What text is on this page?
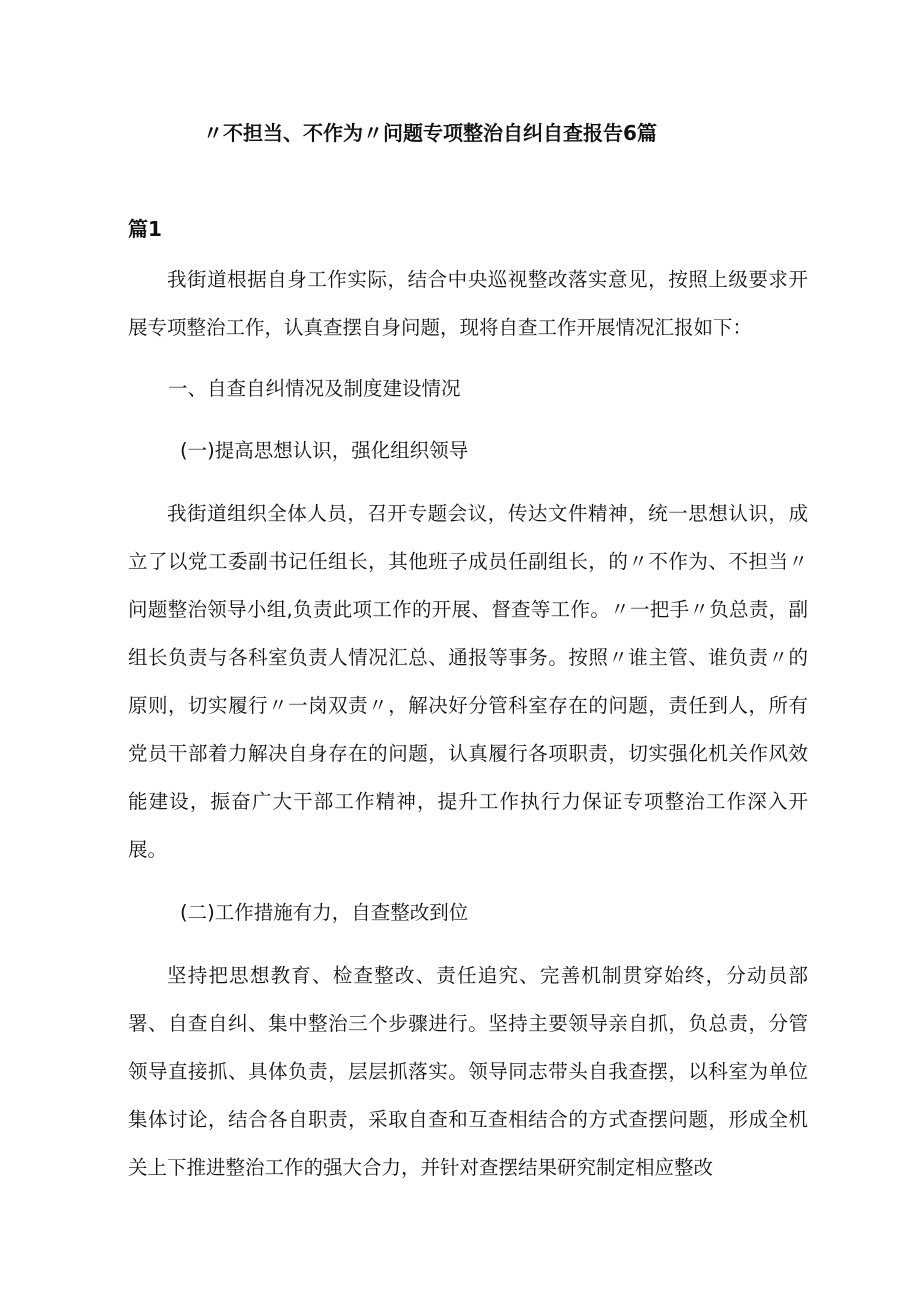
〃不担当、不作为〃问题专项整治自纠自查报告6篇
篇1

我街道根据自身工作实际，结合中央巡视整改落实意见，按照上级要求开展专项整治工作，认真查摆自身问题，现将自查工作开展情况汇报如下：

一、自查自纠情况及制度建设情况

(一)提高思想认识，强化组织领导

我街道组织全体人员，召开专题会议，传达文件精神，统一思想认识，成立了以党工委副书记任组长，其他班子成员任副组长，的〃不作为、不担当〃问题整治领导小组,负责此项工作的开展、督查等工作。〃一把手〃负总责，副组长负责与各科室负责人情况汇总、通报等事务。按照〃谁主管、谁负责〃的原则，切实履行〃一岗双责〃，解决好分管科室存在的问题，责任到人，所有党员干部着力解决自身存在的问题，认真履行各项职责，切实强化机关作风效能建设，振奋广大干部工作精神，提升工作执行力保证专项整治工作深入开展。

(二)工作措施有力，自查整改到位

坚持把思想教育、检查整改、责任追究、完善机制贯穿始终，分动员部署、自查自纠、集中整治三个步骤进行。坚持主要领导亲自抓，负总责，分管领导直接抓、具体负责，层层抓落实。领导同志带头自我查摆，以科室为单位集体讨论，结合各自职责，采取自查和互查相结合的方式查摆问题，形成全机关上下推进整治工作的强大合力，并针对查摆结果研究制定相应整改
